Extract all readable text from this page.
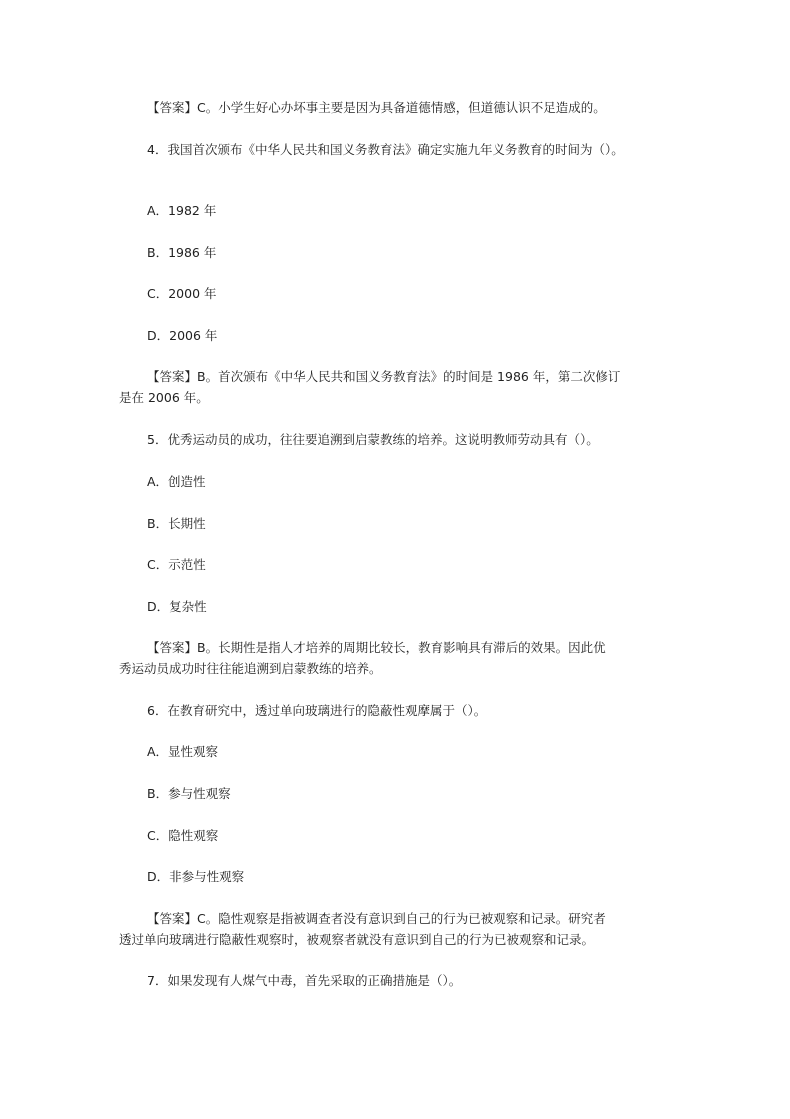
【答案】C。小学生好心办坏事主要是因为具备道德情感，但道德认识不足造成的。
4．我国首次颁布《中华人民共和国义务教育法》确定实施九年义务教育的时间为（）。
A．1982 年
B．1986 年
C．2000 年
D．2006 年
【答案】B。首次颁布《中华人民共和国义务教育法》的时间是 1986 年，第二次修订
是在 2006 年。
5．优秀运动员的成功，往往要追溯到启蒙教练的培养。这说明教师劳动具有（）。
A．创造性
B．长期性
C．示范性
D．复杂性
【答案】B。长期性是指人才培养的周期比较长，教育影响具有滞后的效果。因此优
秀运动员成功时往往能追溯到启蒙教练的培养。
6．在教育研究中，透过单向玻璃进行的隐蔽性观摩属于（）。
A．显性观察
B．参与性观察
C．隐性观察
D．非参与性观察
【答案】C。隐性观察是指被调查者没有意识到自己的行为已被观察和记录。研究者
透过单向玻璃进行隐蔽性观察时，被观察者就没有意识到自己的行为已被观察和记录。
7．如果发现有人煤气中毒，首先采取的正确措施是（）。
